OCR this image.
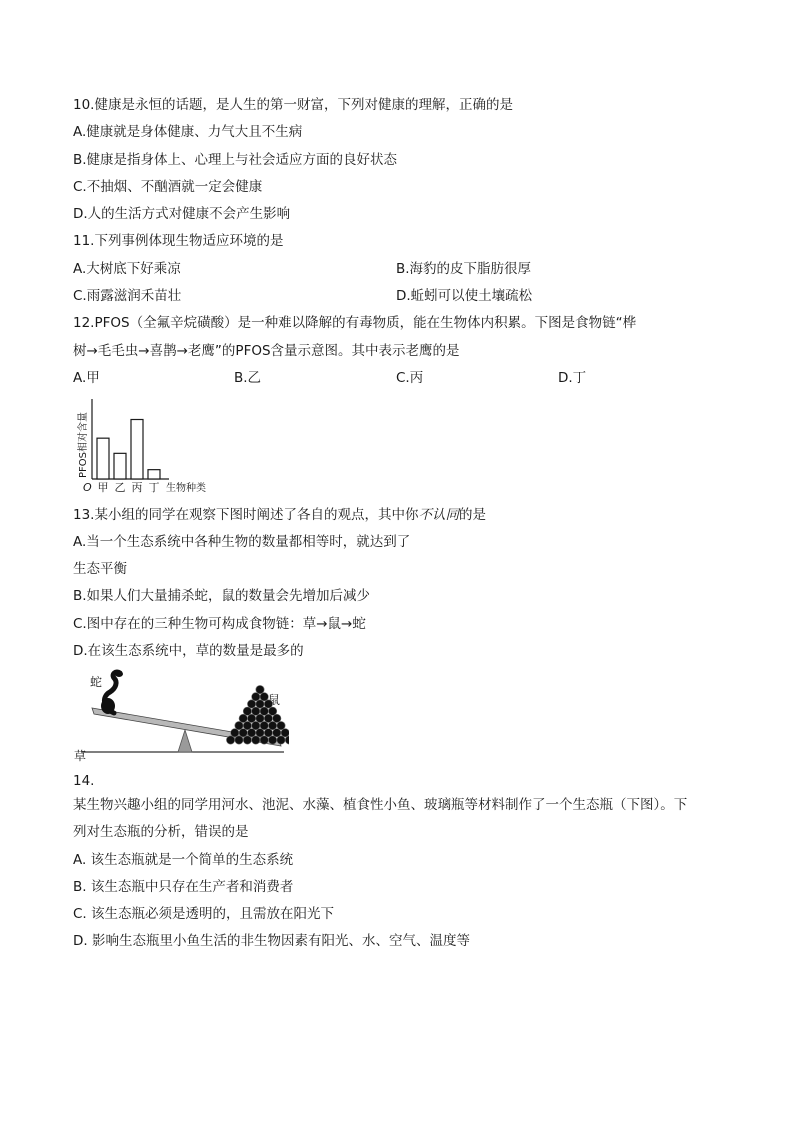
10.健康是永恒的话题，是人生的第一财富，下列对健康的理解，正确的是
A.健康就是身体健康、力气大且不生病
B.健康是指身体上、心理上与社会适应方面的良好状态
C.不抽烟、不酗酒就一定会健康
D.人的生活方式对健康不会产生影响
11.下列事例体现生物适应环境的是
A.大树底下好乘凉	B.海豹的皮下脂肪很厚
C.雨露滋润禾苗壮	D.蚯蚓可以使土壤疏松
12.PFOS（全氟辛烷磺酸）是一种难以降解的有毒物质，能在生物体内积累。下图是食物链“桦
树→毛毛虫→喜鹊→老鹰”的PFOS含量示意图。其中表示老鹰的是
A.甲	B.乙	C.丙	D.丁
PFOS相对含量
O	生物种类
甲 乙 丙 丁
13.某小组的同学在观察下图时阐述了各自的观点，其中你不认同的是
A.当一个生态系统中各种生物的数量都相等时，就达到了
生态平衡
B.如果人们大量捕杀蛇，鼠的数量会先增加后减少
C.图中存在的三种生物可构成食物链：草→鼠→蛇
D.在该生态系统中，草的数量是最多的
蛇
鼠
草
14.
某生物兴趣小组的同学用河水、池泥、水藻、植食性小鱼、玻璃瓶等材料制作了一个生态瓶（下图）。下
列对生态瓶的分析，错误的是
A. 该生态瓶就是一个简单的生态系统
B. 该生态瓶中只存在生产者和消费者
C. 该生态瓶必须是透明的，且需放在阳光下
D. 影响生态瓶里小鱼生活的非生物因素有阳光、水、空气、温度等
